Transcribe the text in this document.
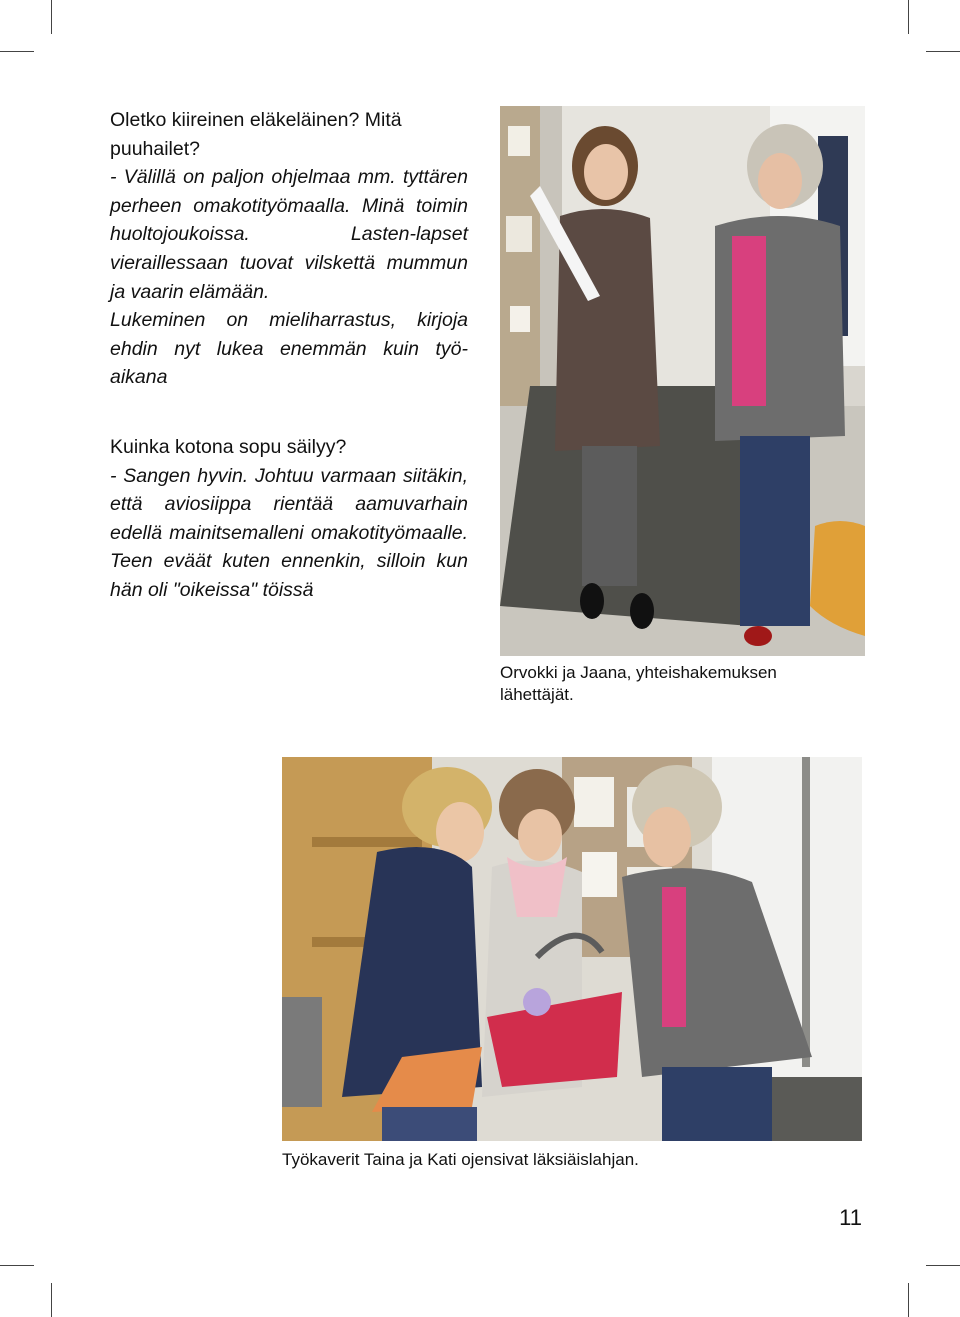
Oletko kiireinen eläkeläinen? Mitä puuhailet?

- Välillä on paljon ohjelmaa mm. tyttären perheen omakotityömaalla. Minä toimin huoltojoukoissa. Lasten-lapset vieraillessaan tuovat vilskettä mummun ja vaarin elämään.

Lukeminen on mieliharrastus, kirjoja ehdin nyt lukea enemmän kuin työ-aikana

Kuinka kotona sopu säilyy?

- Sangen hyvin. Johtuu varmaan siitäkin, että aviosiippa rientää aamuvarhain edellä mainitsemalleni omakotityömaalle. Teen eväät kuten ennenkin, silloin kun hän oli "oikeissa" töissä

Orvokki ja Jaana, yhteishakemuksen lähettäjät.
Työkaverit Taina ja Kati ojensivat läksiäislahjan.
11
